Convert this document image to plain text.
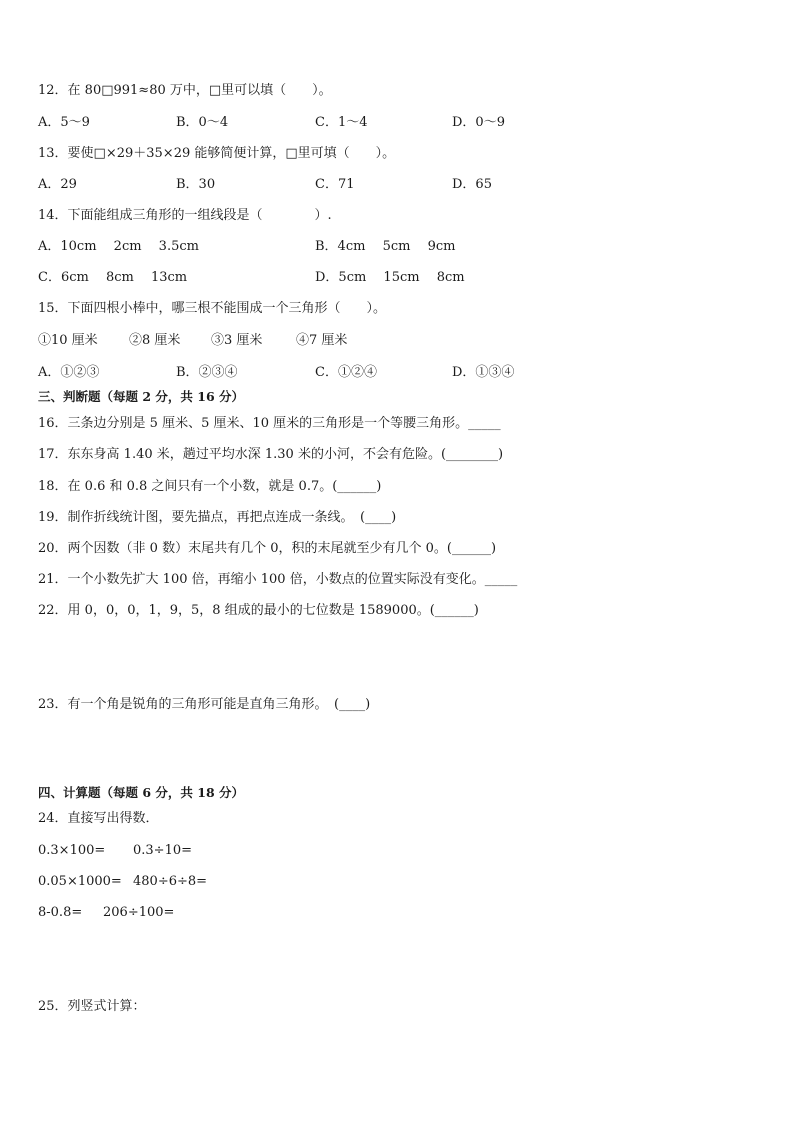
12．在 80□991≈80 万中，□里可以填（　　）。
A．5～9	B．0～4	C．1～4	D．0～9
13．要使□×29＋35×29 能够简便计算，□里可填（　　）。
A．29	B．30	C．71	D．65
14．下面能组成三角形的一组线段是（　　　　）.
A．10cm　 2cm　 3.5cm	B．4cm　 5cm　 9cm
C．6cm　 8cm　 13cm	D．5cm　 15cm　 8cm
15．下面四根小棒中，哪三根不能围成一个三角形（　　）。
①10 厘米 ②8 厘米 ③3 厘米	④7 厘米
A．①②③	B．②③④	C．①②④	D．①③④
三、判断题（每题 2 分，共 16 分）
16．三条边分别是 5 厘米、5 厘米、10 厘米的三角形是一个等腰三角形。_____
17．东东身高 1.40 米，趟过平均水深 1.30 米的小河，不会有危险。(________)
18．在 0.6 和 0.8 之间只有一个小数，就是 0.7。(______)
19．制作折线统计图，要先描点，再把点连成一条线。　(____)
20．两个因数（非 0 数）末尾共有几个 0，积的末尾就至少有几个 0。(______)
21．一个小数先扩大 100 倍，再缩小 100 倍，小数点的位置实际没有变化。_____
22．用 0，0，0，1，9，5，8 组成的最小的七位数是 1589000。(______)
23．有一个角是锐角的三角形可能是直角三角形。　(____)
四、计算题（每题 6 分，共 18 分）
24．直接写出得数．
0.3×100= 0.3÷10=
0.05×1000= 480÷6÷8=
8-0.8= 206÷100=
25．列竖式计算：
